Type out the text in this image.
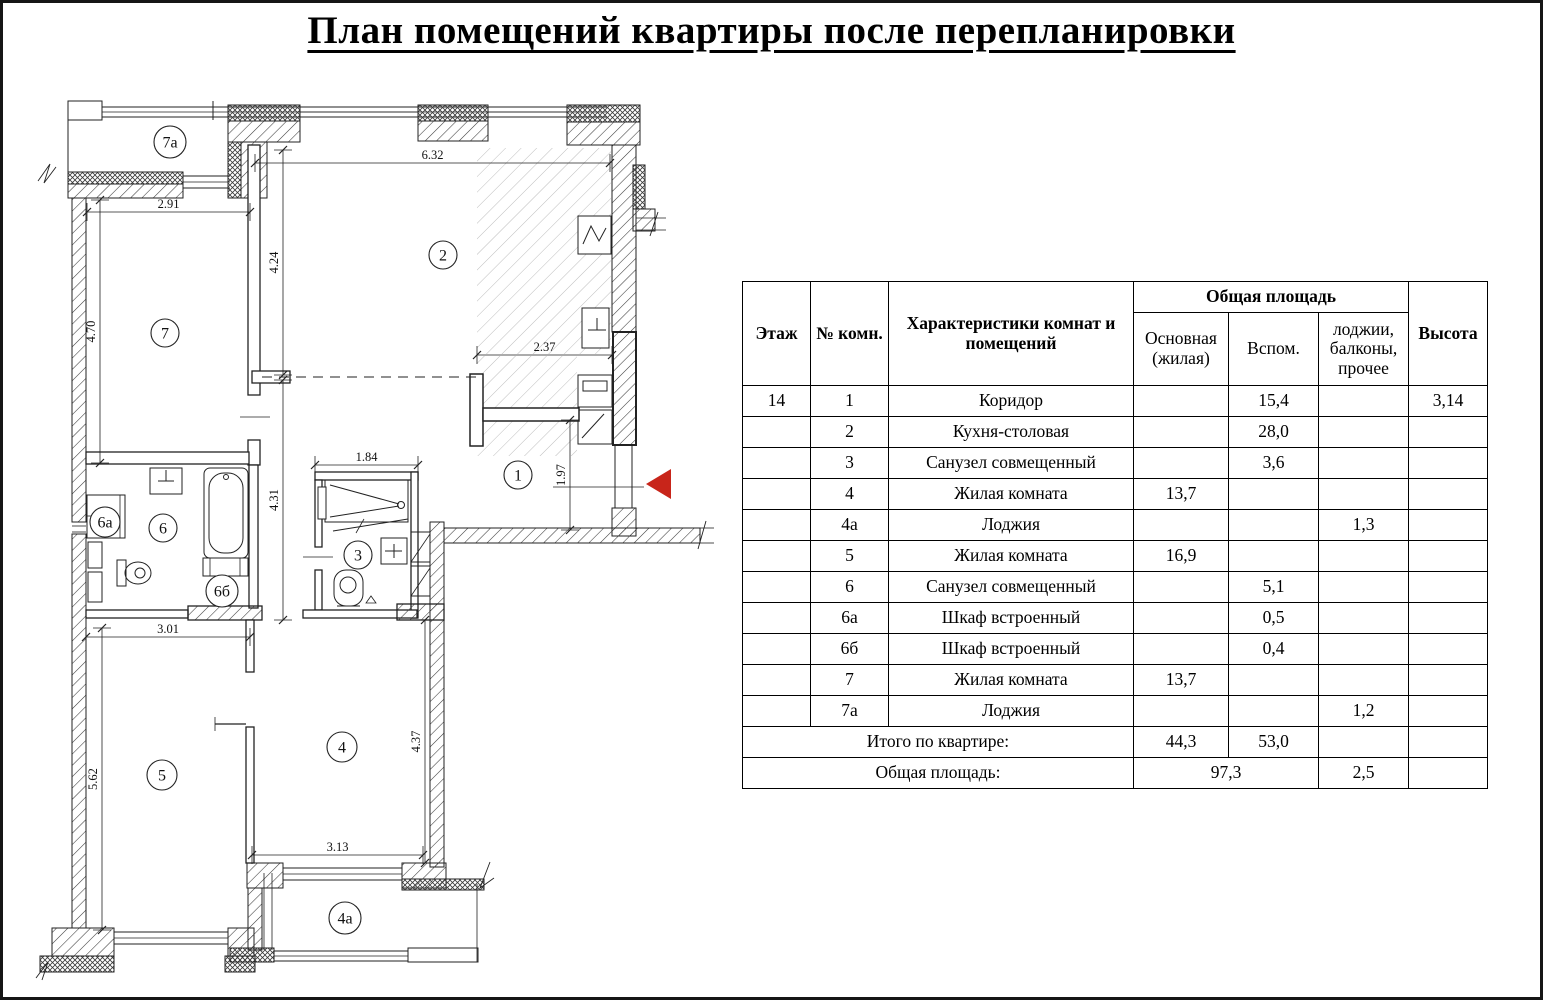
План помещений квартиры после перепланировки
2.91
6.32
4.70
4.24
2.37
1.97
1.84
4.31
3.01
5.62
4.37
3.13
7а
7
2
6а	6
6б
1
3
5
4
4а
Этаж	№ комн.	Характеристики комнат и помещений	Общая площадь			Высота
			Основная (жилая)	Вспом.	лоджии, балконы, прочее	
14	1	Коридор		15,4		3,14
	2	Кухня-столовая		28,0		
	3	Санузел совмещенный		3,6		
	4	Жилая комната	13,7			
	4а	Лоджия			1,3	
	5	Жилая комната	16,9			
	6	Санузел совмещенный		5,1		
	6а	Шкаф встроенный		0,5		
	6б	Шкаф встроенный		0,4		
	7	Жилая комната	13,7			
	7а	Лоджия			1,2	
Итого по квартире:			44,3	53,0		
Общая площадь:			97,3		2,5	
